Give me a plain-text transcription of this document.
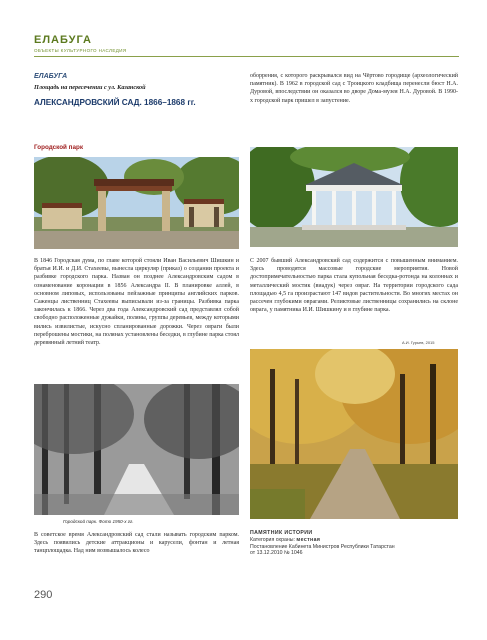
ЕЛАБУГА
ОБЪЕКТЫ КУЛЬТУРНОГО НАСЛЕДИЯ
ЕЛАБУГА
Площадь на пересечении с ул. Казанской
АЛЕКСАНДРОВСКИЙ САД. 1866–1868 гг.
Городской парк

оборрения, с которого раскрывался вид на Чёртово городище (археологический памятник). В 1962 в городской сад с Троицкого кладбища перенесли бюст Н.А. Дуровой, впоследствии он оказался во дворе Дома-музея Н.А. Дуровой. В 1990-х городской парк пришел в запустение.

В 1846 Городская дума, по главе которой стояли Иван Васильевич Шишкин и братья И.И. и Д.И. Стахеевы, вынесла циркуляр (приказ) о создании проекта и разбивке городского парка. Назван он позднее Александровским садом в ознаменование коронации в 1856 Александра II. В планировке аллей, в основном липовых, использованы пейзажные принципы английских парков. Саженцы лиственниц Стахеевы выписывали из-за границы. Разбивка парка закончилась к 1866. Через два года Александровский сад представлял собой свободно расположенные дужайки, поляны, группы деревьев, между которыми вились извилистые, искусно спланированные дорожки. Через овраги были переброшены мостики, на полянах установлены беседки, в глубине парка стоял деревянный летний театр.

С 2007 бывший Александровский сад содержится с повышенным вниманием. Здесь проводятся массовые городские мероприятия. Новой достопримечательностью парка стала купольная беседка-ротонда на колоннах и металлический мостик (виадук) через овраг. На территории городского сада площадью 4,5 га произрастают 147 видов растительности. Во многих местах он рассечен глубокими оврагами. Реликтовые лиственницы сохранились на склоне оврага, у памятника И.И. Шишкину и в глубине парка.

А.И. Гурьев, 2015
Городской парк. Фото 1950-х гг.

В советское время Александровский сад стали называть городским парком. Здесь появились детские аттракционы и карусели, фонтан и летная танцплощадка. Над ним возвышалось колесо

ПАМЯТНИК ИСТОРИИ
Категория охраны: местная
Постановление Кабинета Министров Республики Татарстан
от 13.12.2010 № 1046
290
